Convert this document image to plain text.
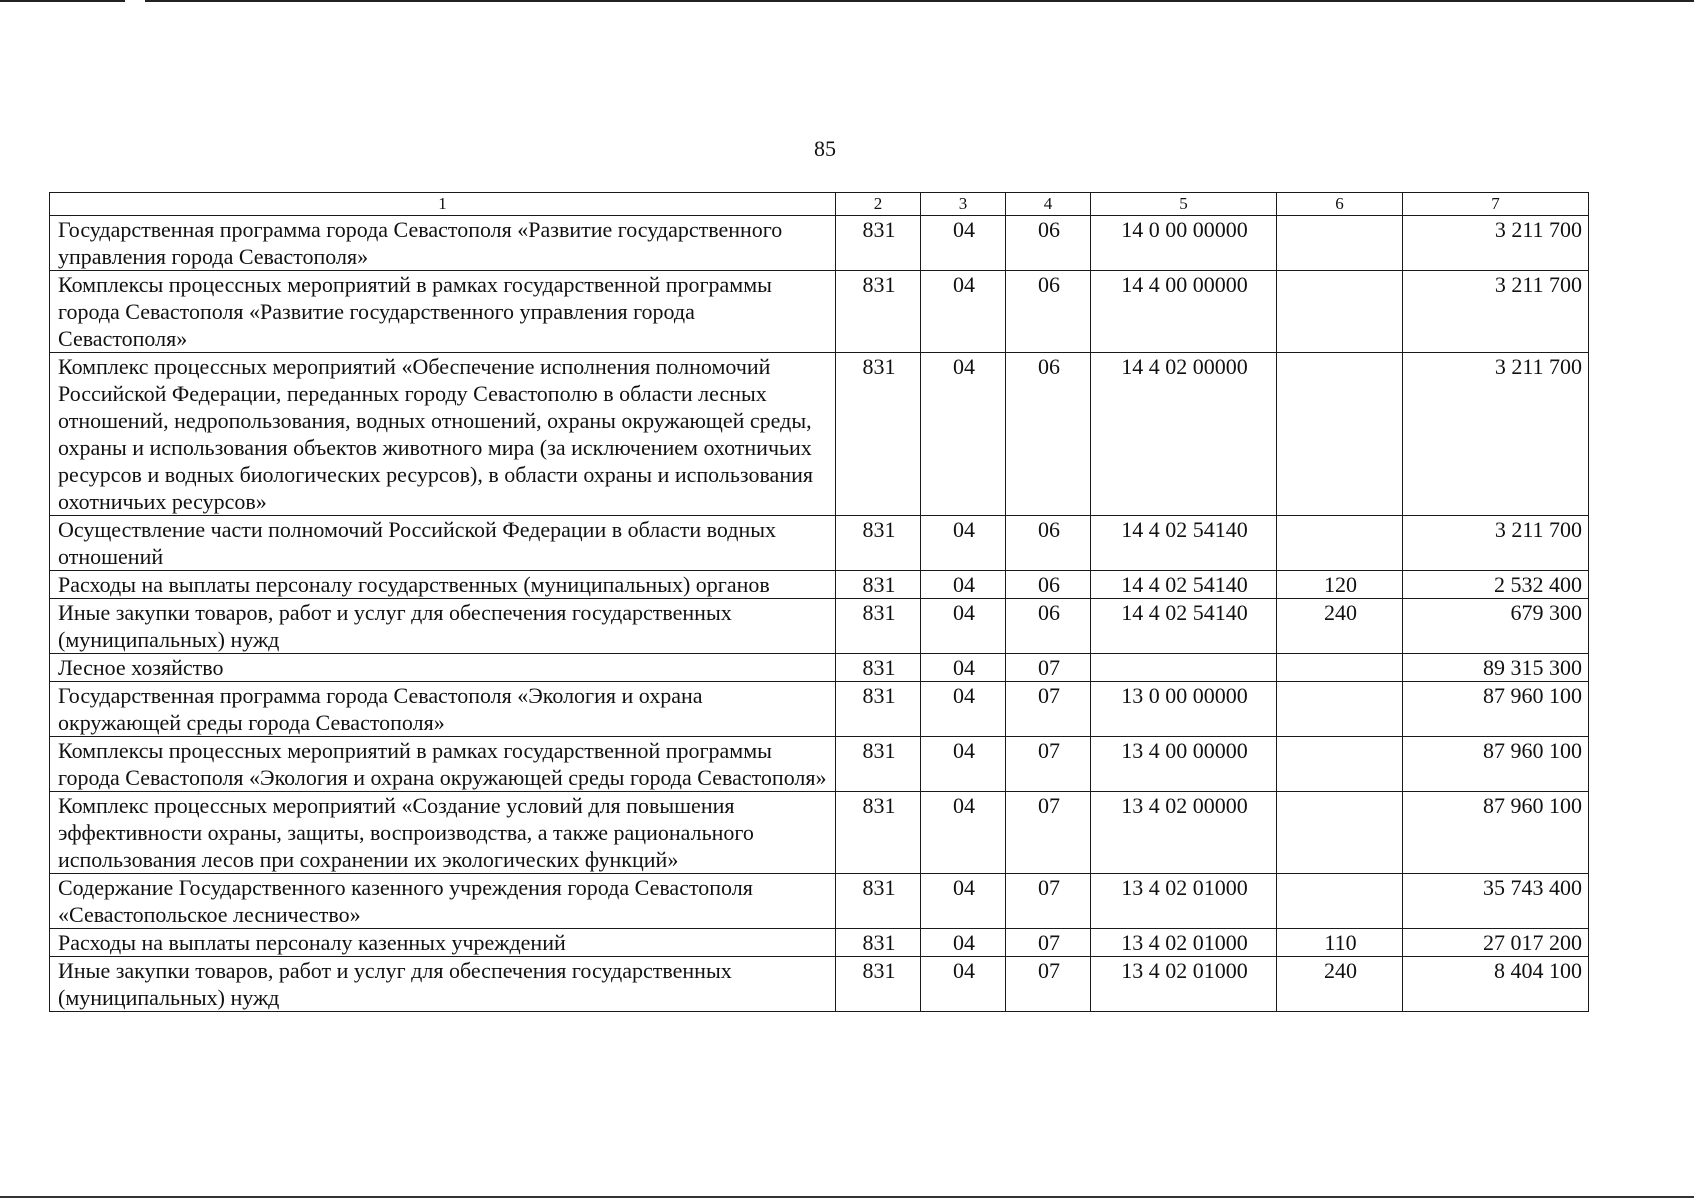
85
1	2	3	4	5	6	7
Государственная программа города Севастополя «Развитие государственного управления города Севастополя»	831	04	06	14 0 00 00000		3 211 700
Комплексы процессных мероприятий в рамках государственной программы города Севастополя «Развитие государственного управления города Севастополя»	831	04	06	14 4 00 00000		3 211 700
Комплекс процессных мероприятий «Обеспечение исполнения полномочий Российской Федерации, переданных городу Севастополю в области лесных отношений, недропользования, водных отношений, охраны окружающей среды, охраны и использования объектов животного мира (за исключением охотничьих ресурсов и водных биологических ресурсов), в области охраны и использования охотничьих ресурсов»	831	04	06	14 4 02 00000		3 211 700
Осуществление части полномочий Российской Федерации в области водных отношений	831	04	06	14 4 02 54140		3 211 700
Расходы на выплаты персоналу государственных (муниципальных) органов	831	04	06	14 4 02 54140	120	2 532 400
Иные закупки товаров, работ и услуг для обеспечения государственных (муниципальных) нужд	831	04	06	14 4 02 54140	240	679 300
Лесное хозяйство	831	04	07			89 315 300
Государственная программа города Севастополя «Экология и охрана окружающей среды города Севастополя»	831	04	07	13 0 00 00000		87 960 100
Комплексы процессных мероприятий в рамках государственной программы города Севастополя «Экология и охрана окружающей среды города Севастополя»	831	04	07	13 4 00 00000		87 960 100
Комплекс процессных мероприятий «Создание условий для повышения эффективности охраны, защиты, воспроизводства, а также рационального использования лесов при сохранении их экологических функций»	831	04	07	13 4 02 00000		87 960 100
Содержание Государственного казенного учреждения города Севастополя «Севастопольское лесничество»	831	04	07	13 4 02 01000		35 743 400
Расходы на выплаты персоналу казенных учреждений	831	04	07	13 4 02 01000	110	27 017 200
Иные закупки товаров, работ и услуг для обеспечения государственных (муниципальных) нужд	831	04	07	13 4 02 01000	240	8 404 100
